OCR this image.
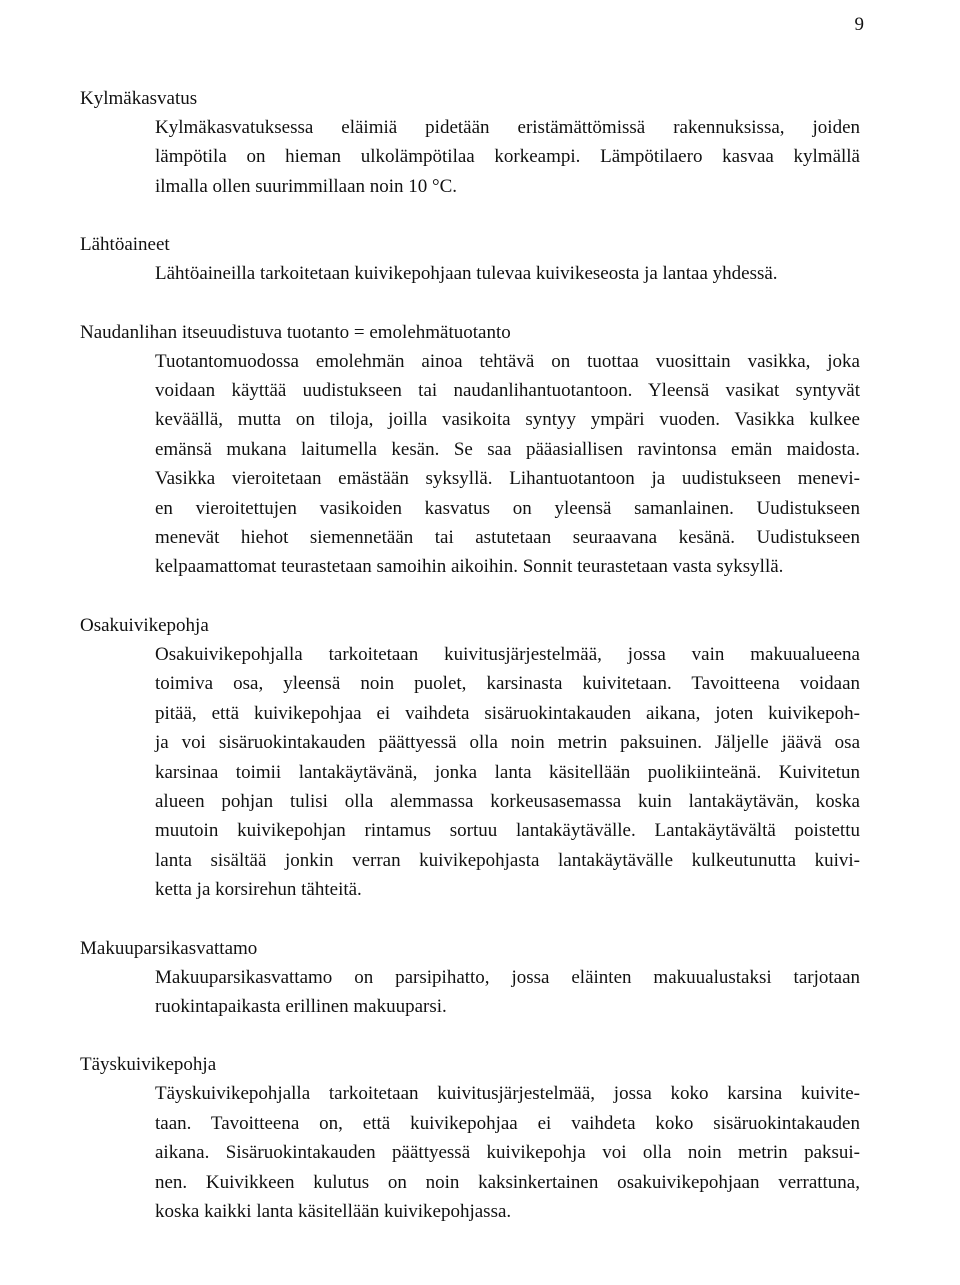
9
Kylmäkasvatus
Kylmäkasvatuksessa eläimiä pidetään eristämättömissä rakennuksissa, joiden
lämpötila on hieman ulkolämpötilaa korkeampi. Lämpötilaero kasvaa kylmällä
ilmalla ollen suurimmillaan noin 10 °C.
Lähtöaineet
Lähtöaineilla tarkoitetaan kuivikepohjaan tulevaa kuivikeseosta ja lantaa yhdessä.
Naudanlihan itseuudistuva tuotanto = emolehmätuotanto
Tuotantomuodossa emolehmän ainoa tehtävä on tuottaa vuosittain vasikka, joka
voidaan käyttää uudistukseen tai naudanlihantuotantoon. Yleensä vasikat syntyvät
keväällä, mutta on tiloja, joilla vasikoita syntyy ympäri vuoden. Vasikka kulkee
emänsä mukana laitumella kesän. Se saa pääasiallisen ravintonsa emän maidosta.
Vasikka vieroitetaan emästään syksyllä. Lihantuotantoon ja uudistukseen menevi-
en vieroitettujen vasikoiden kasvatus on yleensä samanlainen. Uudistukseen
menevät hiehot siemennetään tai astutetaan seuraavana kesänä. Uudistukseen
kelpaamattomat teurastetaan samoihin aikoihin. Sonnit teurastetaan vasta syksyllä.
Osakuivikepohja
Osakuivikepohjalla tarkoitetaan kuivitusjärjestelmää, jossa vain makuualueena
toimiva osa, yleensä noin puolet, karsinasta kuivitetaan. Tavoitteena voidaan
pitää, että kuivikepohjaa ei vaihdeta sisäruokintakauden aikana, joten kuivikepoh-
ja voi sisäruokintakauden päättyessä olla noin metrin paksuinen. Jäljelle jäävä osa
karsinaa toimii lantakäytävänä, jonka lanta käsitellään puolikiinteänä. Kuivitetun
alueen pohjan tulisi olla alemmassa korkeusasemassa kuin lantakäytävän, koska
muutoin kuivikepohjan rintamus sortuu lantakäytävälle. Lantakäytävältä poistettu
lanta sisältää jonkin verran kuivikepohjasta lantakäytävälle kulkeutunutta kuivi-
ketta ja korsirehun tähteitä.
Makuuparsikasvattamo
Makuuparsikasvattamo on parsipihatto, jossa eläinten makuualustaksi tarjotaan
ruokintapaikasta erillinen makuuparsi.
Täyskuivikepohja
Täyskuivikepohjalla tarkoitetaan kuivitusjärjestelmää, jossa koko karsina kuivite-
taan. Tavoitteena on, että kuivikepohjaa ei vaihdeta koko sisäruokintakauden
aikana. Sisäruokintakauden päättyessä kuivikepohja voi olla noin metrin paksui-
nen. Kuivikkeen kulutus on noin kaksinkertainen osakuivikepohjaan verrattuna,
koska kaikki lanta käsitellään kuivikepohjassa.
